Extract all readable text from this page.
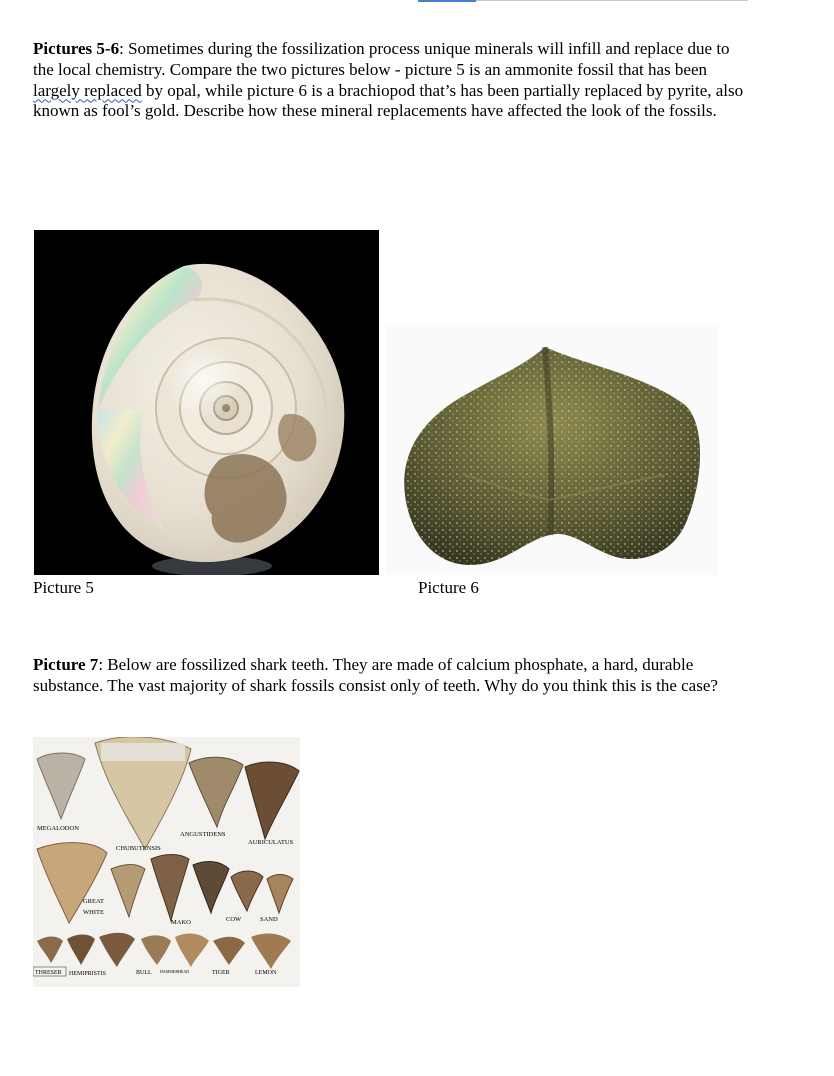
Pictures 5-6: Sometimes during the fossilization process unique minerals will infill and replace due to the local chemistry. Compare the two pictures below - picture 5 is an ammonite fossil that has been largely replaced by opal, while picture 6 is a brachiopod that’s has been partially replaced by pyrite, also known as fool’s gold. Describe how these mineral replacements have affected the look of the fossils.
Picture 5	Picture 6
Picture 7: Below are fossilized shark teeth. They are made of calcium phosphate, a hard, durable substance. The vast majority of shark fossils consist only of teeth. Why do you think this is the case?
MEGALODON
ANGUSTIDENS
AURICULATUS
CHUBUTENSIS
GREAT
WHITE
MAKO	COW	SAND
THRESER HEMIPRISTIS	BULL HAMMERHEAD	TIGER	LEMON
